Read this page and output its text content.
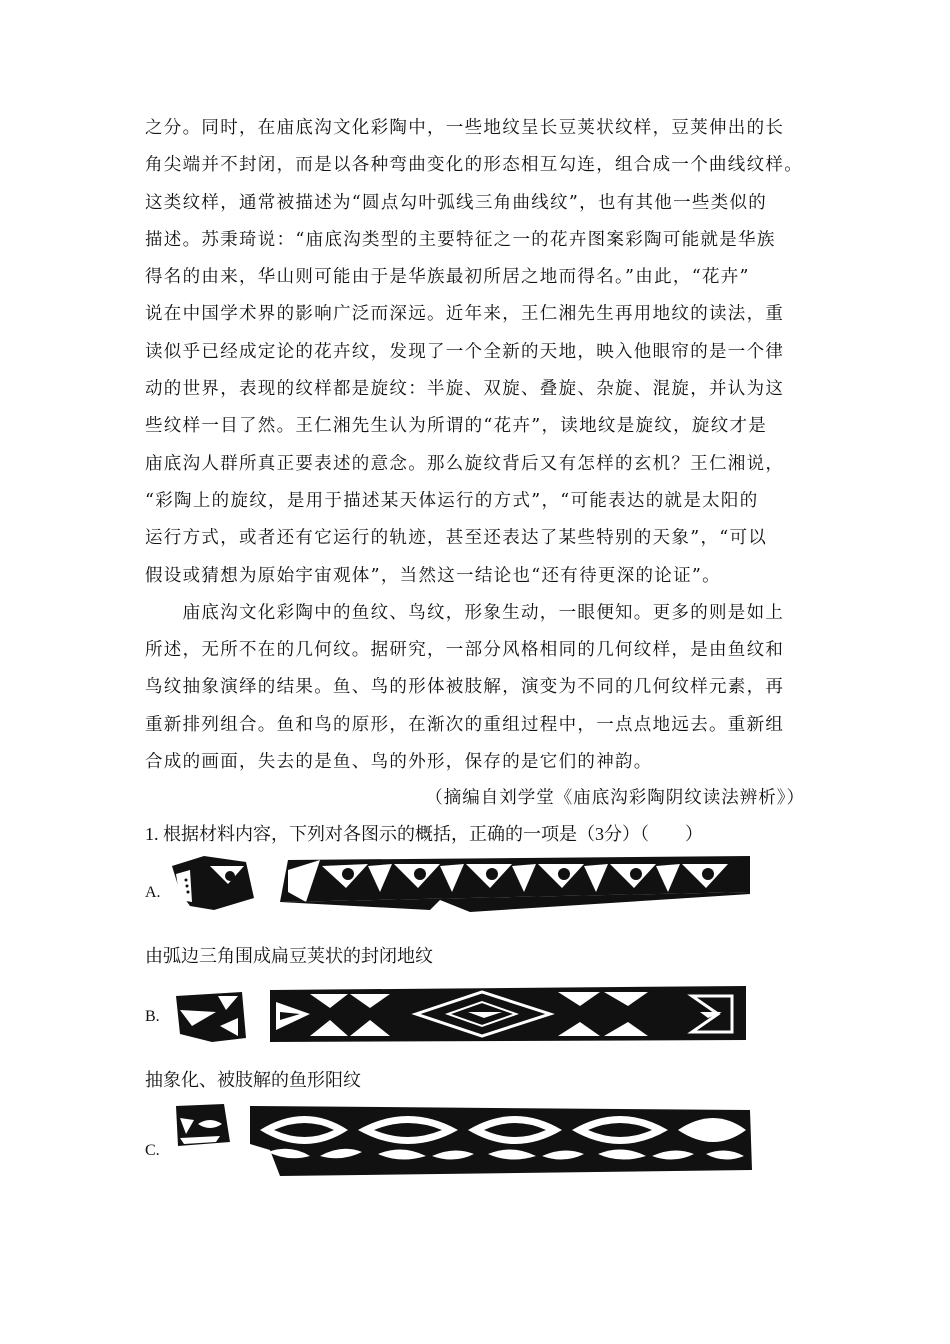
之分。同时，在庙底沟文化彩陶中，一些地纹呈长豆荚状纹样，豆荚伸出的长
角尖端并不封闭，而是以各种弯曲变化的形态相互勾连，组合成一个曲线纹样。
这类纹样，通常被描述为“圆点勾叶弧线三角曲线纹”，也有其他一些类似的
描述。苏秉琦说：“庙底沟类型的主要特征之一的花卉图案彩陶可能就是华族
得名的由来，华山则可能由于是华族最初所居之地而得名。”由此，“花卉”
说在中国学术界的影响广泛而深远。近年来，王仁湘先生再用地纹的读法，重
读似乎已经成定论的花卉纹，发现了一个全新的天地，映入他眼帘的是一个律
动的世界，表现的纹样都是旋纹：半旋、双旋、叠旋、杂旋、混旋，并认为这
些纹样一目了然。王仁湘先生认为所谓的“花卉”，读地纹是旋纹，旋纹才是
庙底沟人群所真正要表述的意念。那么旋纹背后又有怎样的玄机？王仁湘说，
“彩陶上的旋纹，是用于描述某天体运行的方式”，“可能表达的就是太阳的
运行方式，或者还有它运行的轨迹，甚至还表达了某些特别的天象”，“可以
假设或猜想为原始宇宙观体”，当然这一结论也“还有待更深的论证”。
　　庙底沟文化彩陶中的鱼纹、鸟纹，形象生动，一眼便知。更多的则是如上
所述，无所不在的几何纹。据研究，一部分风格相同的几何纹样，是由鱼纹和
鸟纹抽象演绎的结果。鱼、鸟的形体被肢解，演变为不同的几何纹样元素，再
重新排列组合。鱼和鸟的原形，在渐次的重组过程中，一点点地远去。重新组
合成的画面，失去的是鱼、鸟的外形，保存的是它们的神韵。
（摘编自刘学堂《庙底沟彩陶阴纹读法辨析》）
1. 根据材料内容，下列对各图示的概括，正确的一项是（3分）（　　）
A.
由弧边三角围成扁豆荚状的封闭地纹
B.
抽象化、被肢解的鱼形阳纹
C.
